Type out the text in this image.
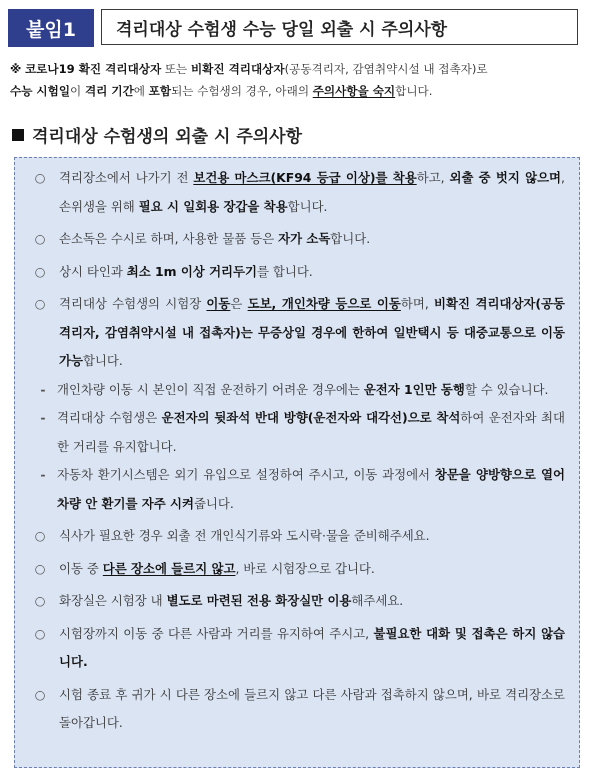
붙임1	격리대상 수험생 수능 당일 외출 시 주의사항
※ 코로나19 확진 격리대상자 또는 비확진 격리대상자(공동격리자, 감염취약시설 내 접촉자)로
수능 시험일이 격리 기간에 포함되는 수험생의 경우, 아래의 주의사항을 숙지합니다.
격리대상 수험생의 외출 시 주의사항
○ 격리장소에서 나가기 전 보건용 마스크(KF94 등급 이상)를 착용하고, 외출 중 벗지 않으며, 손위생을 위해 필요 시 일회용 장갑을 착용합니다.
○ 손소독은 수시로 하며, 사용한 물품 등은 자가 소독합니다.
○ 상시 타인과 최소 1m 이상 거리두기를 합니다.
○ 격리대상 수험생의 시험장 이동은 도보, 개인차량 등으로 이동하며, 비확진 격리대상자(공동격리자, 감염취약시설 내 접촉자)는 무증상일 경우에 한하여 일반택시 등 대중교통으로 이동 가능합니다.
- 개인차량 이동 시 본인이 직접 운전하기 어려운 경우에는 운전자 1인만 동행할 수 있습니다.
- 격리대상 수험생은 운전자의 뒷좌석 반대 방향(운전자와 대각선)으로 착석하여 운전자와 최대한 거리를 유지합니다.
- 자동차 환기시스템은 외기 유입으로 설정하여 주시고, 이동 과정에서 창문을 양방향으로 열어 차량 안 환기를 자주 시켜줍니다.
○ 식사가 필요한 경우 외출 전 개인식기류와 도시락·물을 준비해주세요.
○ 이동 중 다른 장소에 들르지 않고, 바로 시험장으로 갑니다.
○ 화장실은 시험장 내 별도로 마련된 전용 화장실만 이용해주세요.
○ 시험장까지 이동 중 다른 사람과 거리를 유지하여 주시고, 불필요한 대화 및 접촉은 하지 않습니다.
○ 시험 종료 후 귀가 시 다른 장소에 들르지 않고 다른 사람과 접촉하지 않으며, 바로 격리장소로 돌아갑니다.
